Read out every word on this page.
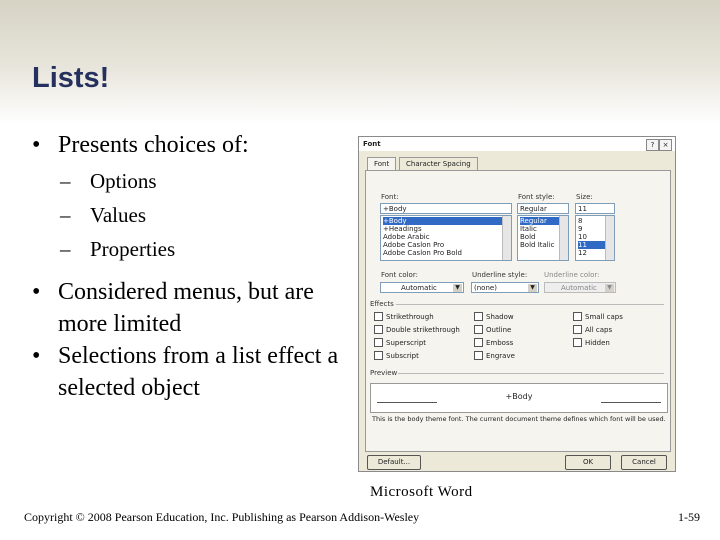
Lists!
• Presents choices of:
– Options
– Values
– Properties
• Considered menus, but are more limited
• Selections from a list effect a selected object
Font	?	×
Font	Character Spacing
Font:
+Body
+Body
+Headings
Adobe Arabic
Adobe Caslon Pro
Adobe Caslon Pro Bold
Font style:
Regular
Regular
Italic
Bold
Bold Italic
Size:
11
8
9
10
11
12
Font color:
Automatic	▼
Underline style:
(none)	▼
Underline color:
Automatic	▼
Effects
Strikethrough	Shadow	Small caps
Double strikethrough	Outline	All caps
Superscript	Emboss	Hidden
Subscript	Engrave
Preview
+Body
This is the body theme font. The current document theme defines which font will be used.
Default...	OK	Cancel
Microsoft Word
Copyright © 2008 Pearson Education, Inc. Publishing as Pearson Addison-Wesley	1-59
